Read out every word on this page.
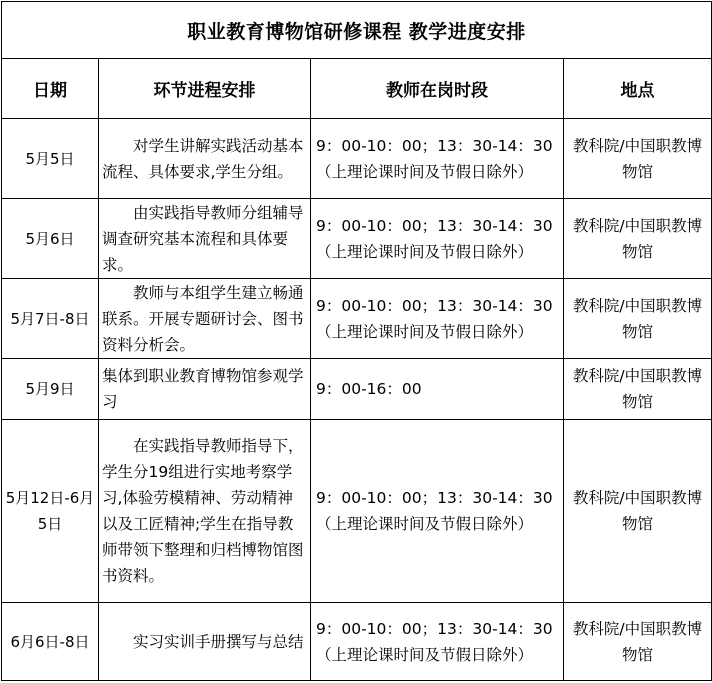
职业教育博物馆研修课程 教学进度安排			
日期	环节进程安排	教师在岗时段	地点
5月5日	对学生讲解实践活动基本流程、具体要求,学生分组。	9：00-10：00；13：30-14：30（上理论课时间及节假日除外）	教科院/中国职教博物馆
5月6日	由实践指导教师分组辅导调查研究基本流程和具体要求。	9：00-10：00；13：30-14：30（上理论课时间及节假日除外）	教科院/中国职教博物馆
5月7日-8日	教师与本组学生建立畅通联系。开展专题研讨会、图书资料分析会。	9：00-10：00；13：30-14：30（上理论课时间及节假日除外）	教科院/中国职教博物馆
5月9日	集体到职业教育博物馆参观学习	9：00-16：00	教科院/中国职教博物馆
5月12日-6月5日	在实践指导教师指导下，学生分19组进行实地考察学习,体验劳模精神、劳动精神以及工匠精神;学生在指导教师带领下整理和归档博物馆图书资料。	9：00-10：00；13：30-14：30（上理论课时间及节假日除外）	教科院/中国职教博物馆
6月6日-8日	实习实训手册撰写与总结	9：00-10：00；13：30-14：30（上理论课时间及节假日除外）	教科院/中国职教博物馆
